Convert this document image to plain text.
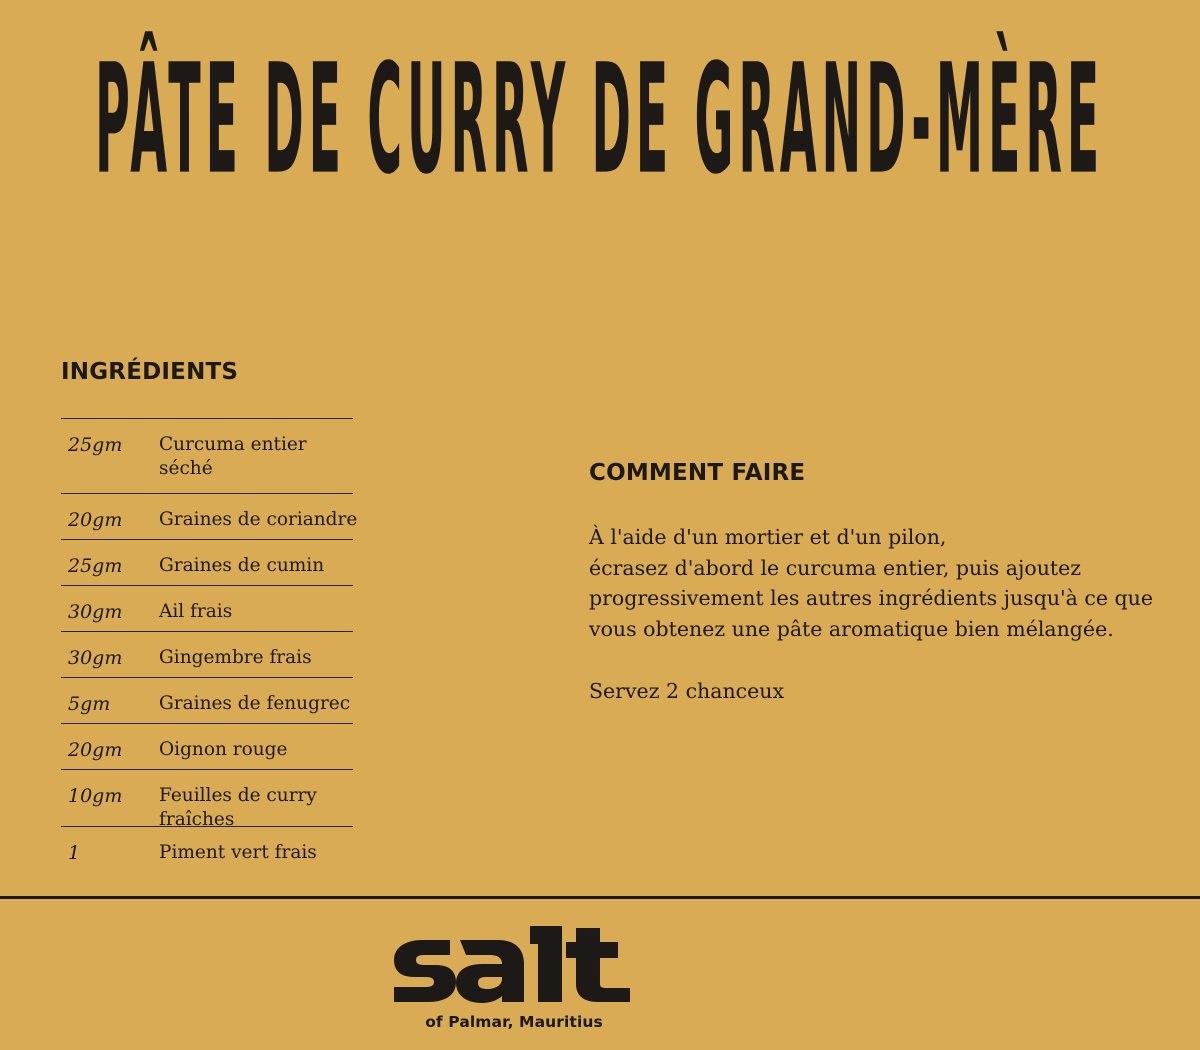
PÂTE DE CURRY DE GRAND-MÈRE
INGRÉDIENTS
25gm	Curcuma entier séché
20gm	Graines de coriandre
25gm	Graines de cumin
30gm	Ail frais
30gm	Gingembre frais
5gm	Graines de fenugrec
20gm	Oignon rouge
10gm	Feuilles de curry fraîches
1	Piment vert frais
COMMENT FAIRE

À l'aide d'un mortier et d'un pilon,
écrasez d'abord le curcuma entier, puis ajoutez
progressivement les autres ingrédients jusqu'à ce que
vous obtenez une pâte aromatique bien mélangée.

Servez 2 chanceux

of Palmar, Mauritius
